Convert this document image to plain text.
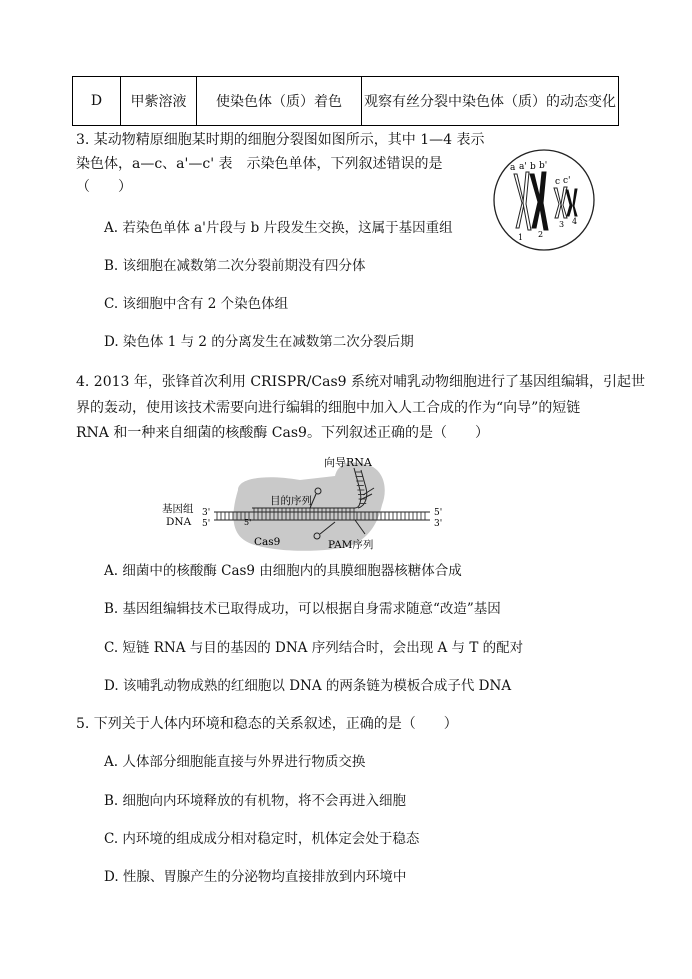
D	甲紫溶液	使染色体（质）着色	观察有丝分裂中染色体（质）的动态变化
3. 某动物精原细胞某时期的细胞分裂图如图所示，其中 1—4 表示
染色体，a—c、a'—c' 表　示染色单体，下列叙述错误的是
（　　）
A. 若染色单体 a'片段与 b 片段发生交换，这属于基因重组
B. 该细胞在减数第二次分裂前期没有四分体
C. 该细胞中含有 2 个染色体组
D. 染色体 1 与 2 的分离发生在减数第二次分裂后期
a a' b b'
c c'
1 2
3 4
4. 2013 年，张锋首次利用 CRISPR/Cas9 系统对哺乳动物细胞进行了基因组编辑，引起世
界的轰动，使用该技术需要向进行编辑的细胞中加入人工合成的作为“向导”的短链
RNA 和一种来自细菌的核酸酶 Cas9。下列叙述正确的是（　　）
向导RNA
目的序列
基因组
DNA
3'
5'
5'
3'
5'
Cas9	PAM序列
A. 细菌中的核酸酶 Cas9 由细胞内的具膜细胞器核糖体合成
B. 基因组编辑技术已取得成功，可以根据自身需求随意“改造”基因
C. 短链 RNA 与目的基因的 DNA 序列结合时，会出现 A 与 T 的配对
D. 该哺乳动物成熟的红细胞以 DNA 的两条链为模板合成子代 DNA
5. 下列关于人体内环境和稳态的关系叙述，正确的是（　　）
A. 人体部分细胞能直接与外界进行物质交换
B. 细胞向内环境释放的有机物，将不会再进入细胞
C. 内环境的组成成分相对稳定时，机体定会处于稳态
D. 性腺、胃腺产生的分泌物均直接排放到内环境中
